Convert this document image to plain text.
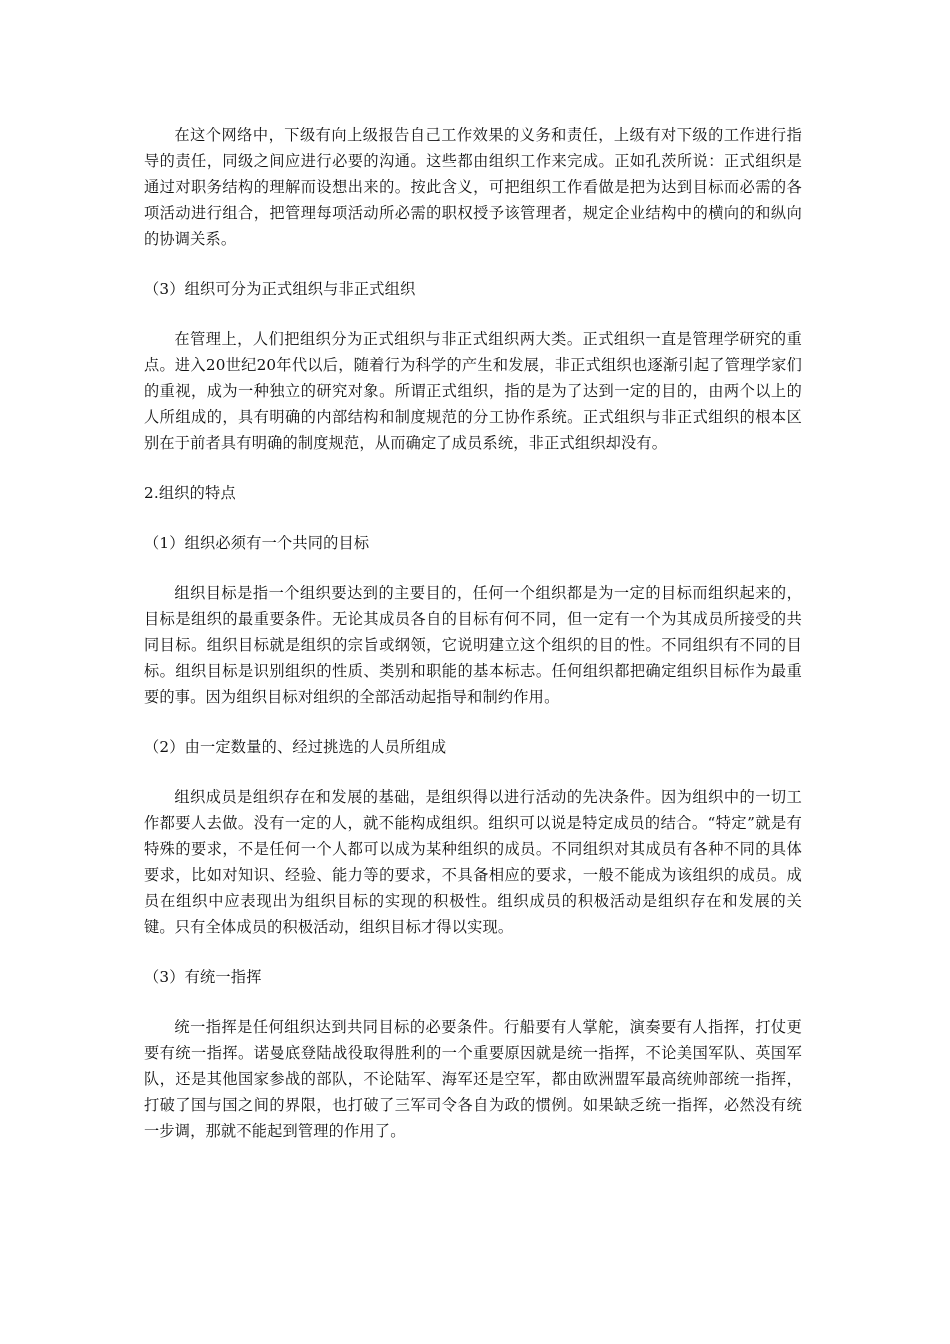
在这个网络中，下级有向上级报告自己工作效果的义务和责任，上级有对下级的工作进行指导的责任，同级之间应进行必要的沟通。这些都由组织工作来完成。正如孔茨所说：正式组织是通过对职务结构的理解而设想出来的。按此含义，可把组织工作看做是把为达到目标而必需的各项活动进行组合，把管理每项活动所必需的职权授予该管理者，规定企业结构中的横向的和纵向的协调关系。

（3）组织可分为正式组织与非正式组织

在管理上，人们把组织分为正式组织与非正式组织两大类。正式组织一直是管理学研究的重点。进入20世纪20年代以后，随着行为科学的产生和发展，非正式组织也逐渐引起了管理学家们的重视，成为一种独立的研究对象。所谓正式组织，指的是为了达到一定的目的，由两个以上的人所组成的，具有明确的内部结构和制度规范的分工协作系统。正式组织与非正式组织的根本区别在于前者具有明确的制度规范，从而确定了成员系统，非正式组织却没有。

2.组织的特点

（1）组织必须有一个共同的目标

组织目标是指一个组织要达到的主要目的，任何一个组织都是为一定的目标而组织起来的，目标是组织的最重要条件。无论其成员各自的目标有何不同，但一定有一个为其成员所接受的共同目标。组织目标就是组织的宗旨或纲领，它说明建立这个组织的目的性。不同组织有不同的目标。组织目标是识别组织的性质、类别和职能的基本标志。任何组织都把确定组织目标作为最重要的事。因为组织目标对组织的全部活动起指导和制约作用。

（2）由一定数量的、经过挑选的人员所组成

组织成员是组织存在和发展的基础，是组织得以进行活动的先决条件。因为组织中的一切工作都要人去做。没有一定的人，就不能构成组织。组织可以说是特定成员的结合。“特定”就是有特殊的要求，不是任何一个人都可以成为某种组织的成员。不同组织对其成员有各种不同的具体要求，比如对知识、经验、能力等的要求，不具备相应的要求，一般不能成为该组织的成员。成员在组织中应表现出为组织目标的实现的积极性。组织成员的积极活动是组织存在和发展的关键。只有全体成员的积极活动，组织目标才得以实现。

（3）有统一指挥

统一指挥是任何组织达到共同目标的必要条件。行船要有人掌舵，演奏要有人指挥，打仗更要有统一指挥。诺曼底登陆战役取得胜利的一个重要原因就是统一指挥，不论美国军队、英国军队，还是其他国家参战的部队，不论陆军、海军还是空军，都由欧洲盟军最高统帅部统一指挥，打破了国与国之间的界限，也打破了三军司令各自为政的惯例。如果缺乏统一指挥，必然没有统一步调，那就不能起到管理的作用了。
